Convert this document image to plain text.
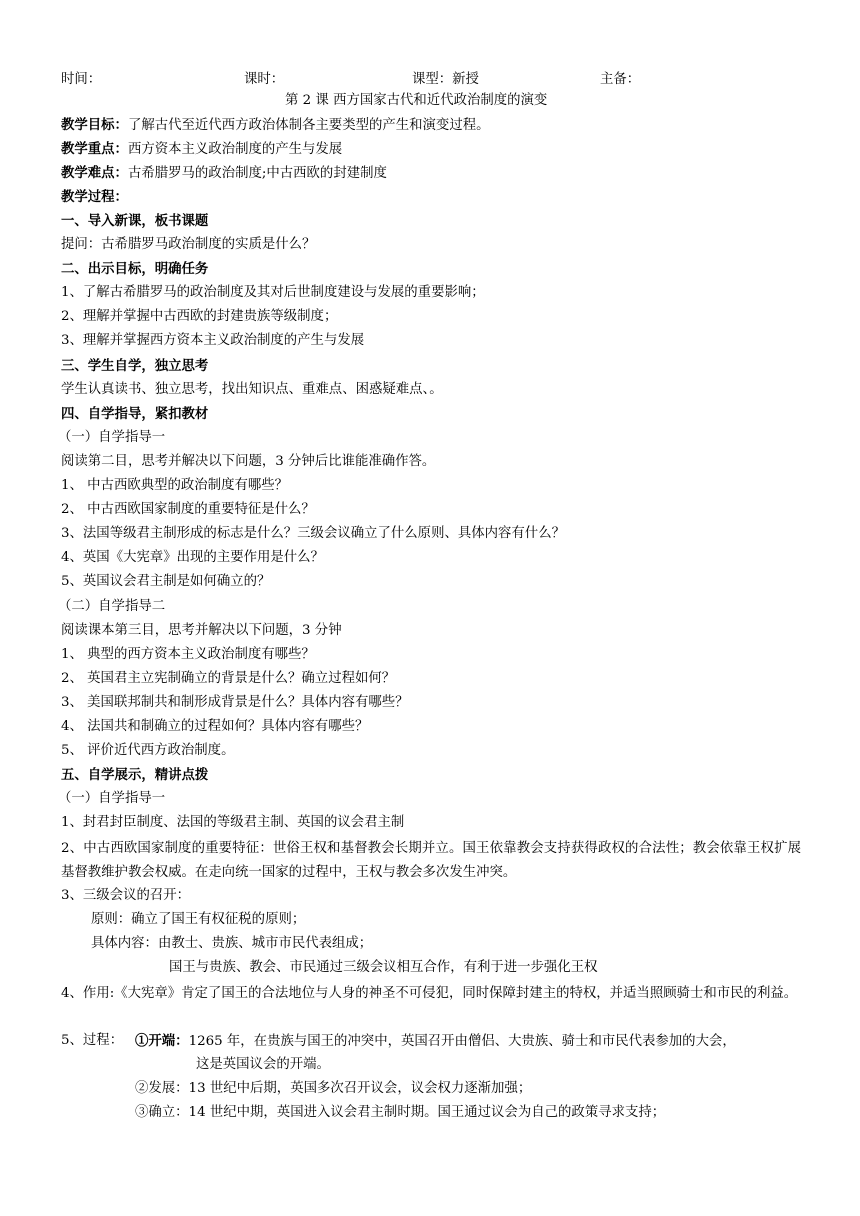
时间：	课时：	课型：新授	主备：
第 2 课 西方国家古代和近代政治制度的演变
教学目标：了解古代至近代西方政治体制各主要类型的产生和演变过程。
教学重点：西方资本主义政治制度的产生与发展
教学难点：古希腊罗马的政治制度;中古西欧的封建制度
教学过程：
一、导入新课，板书课题
提问：古希腊罗马政治制度的实质是什么？
二、出示目标，明确任务
1、了解古希腊罗马的政治制度及其对后世制度建设与发展的重要影响；
2、理解并掌握中古西欧的封建贵族等级制度；
3、理解并掌握西方资本主义政治制度的产生与发展
三、学生自学，独立思考
学生认真读书、独立思考，找出知识点、重难点、困惑疑难点、。
四、自学指导，紧扣教材
（一）自学指导一
阅读第二目，思考并解决以下问题，3 分钟后比谁能准确作答。
1、 中古西欧典型的政治制度有哪些？
2、 中古西欧国家制度的重要特征是什么？
3、法国等级君主制形成的标志是什么？三级会议确立了什么原则、具体内容有什么？
4、英国《大宪章》出现的主要作用是什么？
5、英国议会君主制是如何确立的？
（二）自学指导二
阅读课本第三目，思考并解决以下问题，3 分钟
1、 典型的西方资本主义政治制度有哪些？
2、 英国君主立宪制确立的背景是什么？确立过程如何？
3、 美国联邦制共和制形成背景是什么？具体内容有哪些？
4、 法国共和制确立的过程如何？具体内容有哪些？
5、 评价近代西方政治制度。
五、自学展示，精讲点拨
（一）自学指导一
1、封君封臣制度、法国的等级君主制、英国的议会君主制
2、中古西欧国家制度的重要特征：世俗王权和基督教会长期并立。国王依靠教会支持获得政权的合法性；教会依靠王权扩展基督教维护教会权威。在走向统一国家的过程中，王权与教会多次发生冲突。
3、三级会议的召开：
原则：确立了国王有权征税的原则；
具体内容：由教士、贵族、城市市民代表组成；
国王与贵族、教会、市民通过三级会议相互合作，有利于进一步强化王权
4、作用:《大宪章》肯定了国王的合法地位与人身的神圣不可侵犯，同时保障封建主的特权，并适当照顾骑士和市民的利益。
5、过程： ①开端：1265 年，在贵族与国王的冲突中，英国召开由僧侣、大贵族、骑士和市民代表参加的大会，
这是英国议会的开端。
②发展：13 世纪中后期，英国多次召开议会，议会权力逐渐加强；
③确立：14 世纪中期，英国进入议会君主制时期。国王通过议会为自己的政策寻求支持；
